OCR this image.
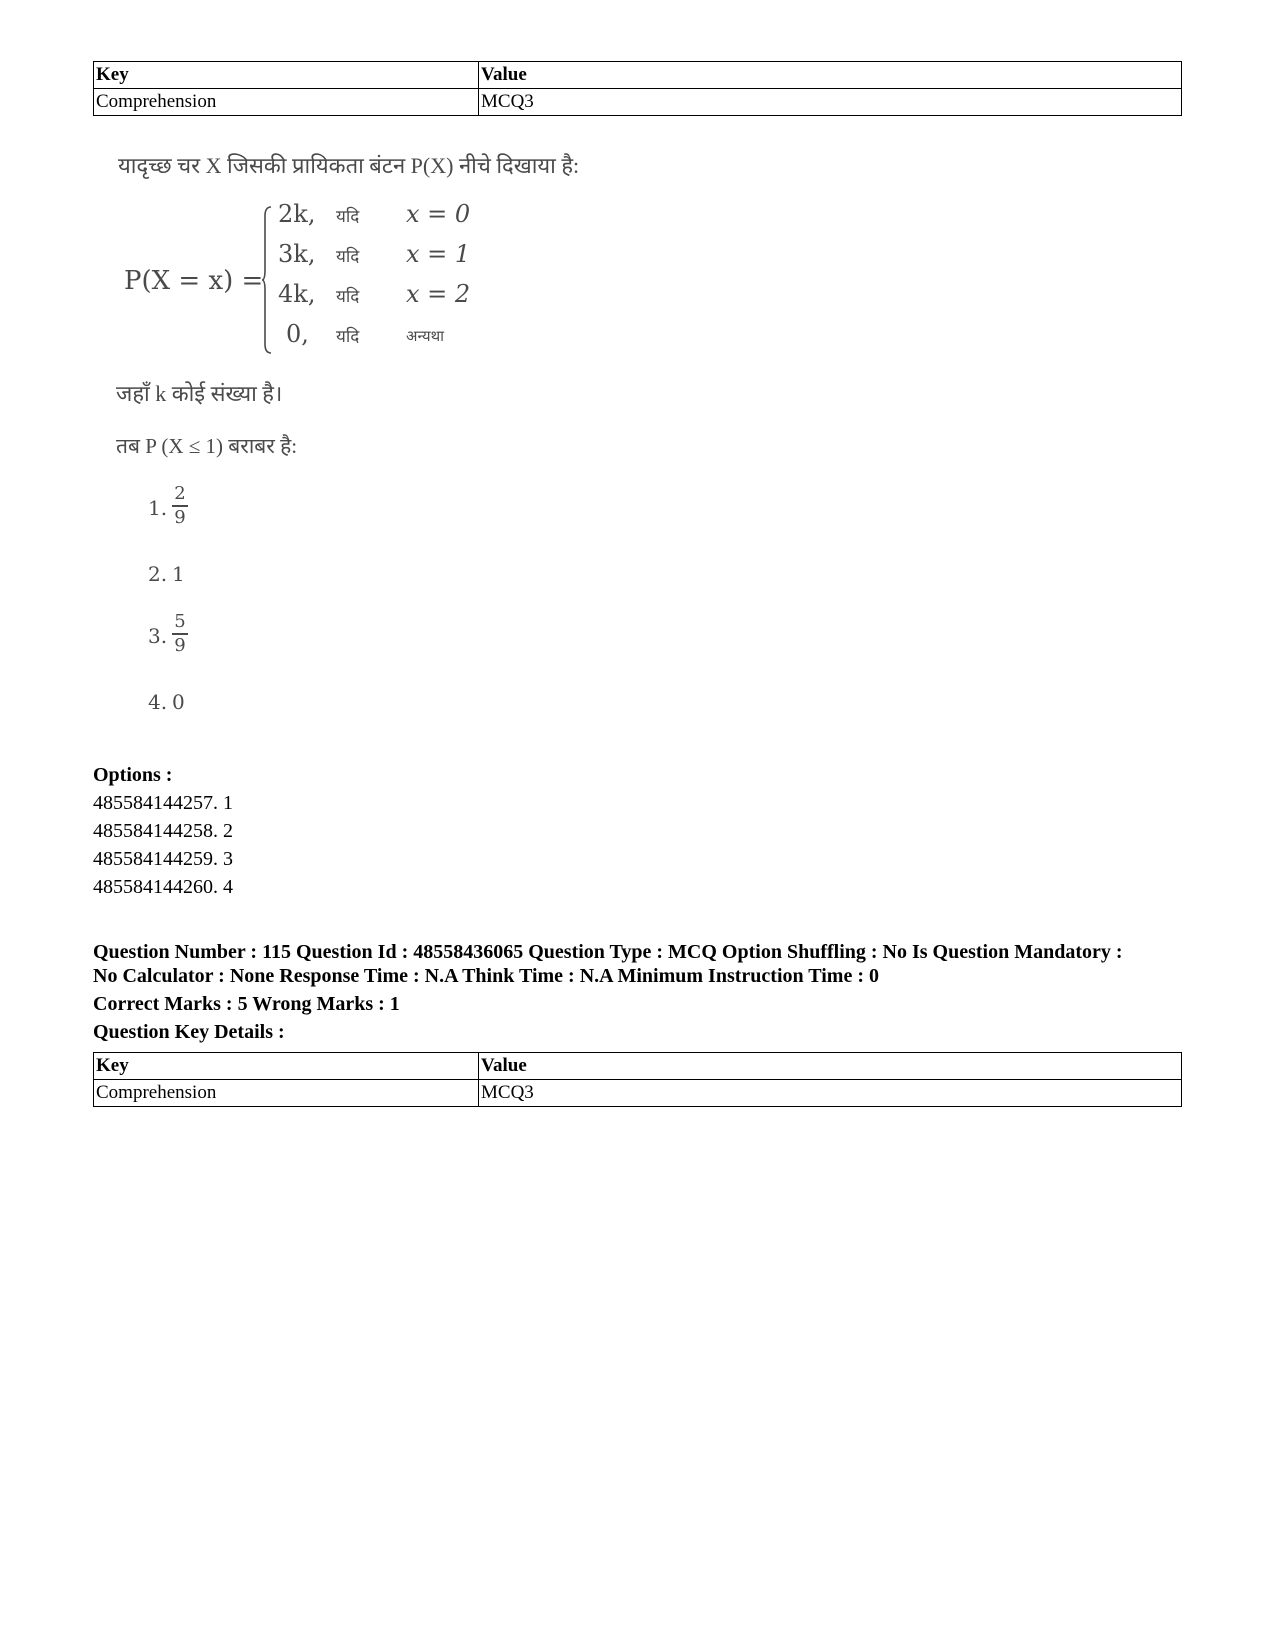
Key	Value
Comprehension	MCQ3
यादृच्छ चर X जिसकी प्रायिकता बंटन P(X) नीचे दिखाया है:
P(X = x) =
2k, यदि x = 0
3k, यदि x = 1
4k, यदि x = 2
0, यदि	अन्यथा
जहाँ k कोई संख्या है।
तब P (X ≤ 1) बराबर है:
1.
2
9
2. 1
3.
5
9
4. 0
Options :
485584144257. 1
485584144258. 2
485584144259. 3
485584144260. 4
Question Number : 115 Question Id : 48558436065 Question Type : MCQ Option Shuffling : No Is Question Mandatory :
No Calculator : None Response Time : N.A Think Time : N.A Minimum Instruction Time : 0
Correct Marks : 5 Wrong Marks : 1
Question Key Details :
Key	Value
Comprehension	MCQ3
